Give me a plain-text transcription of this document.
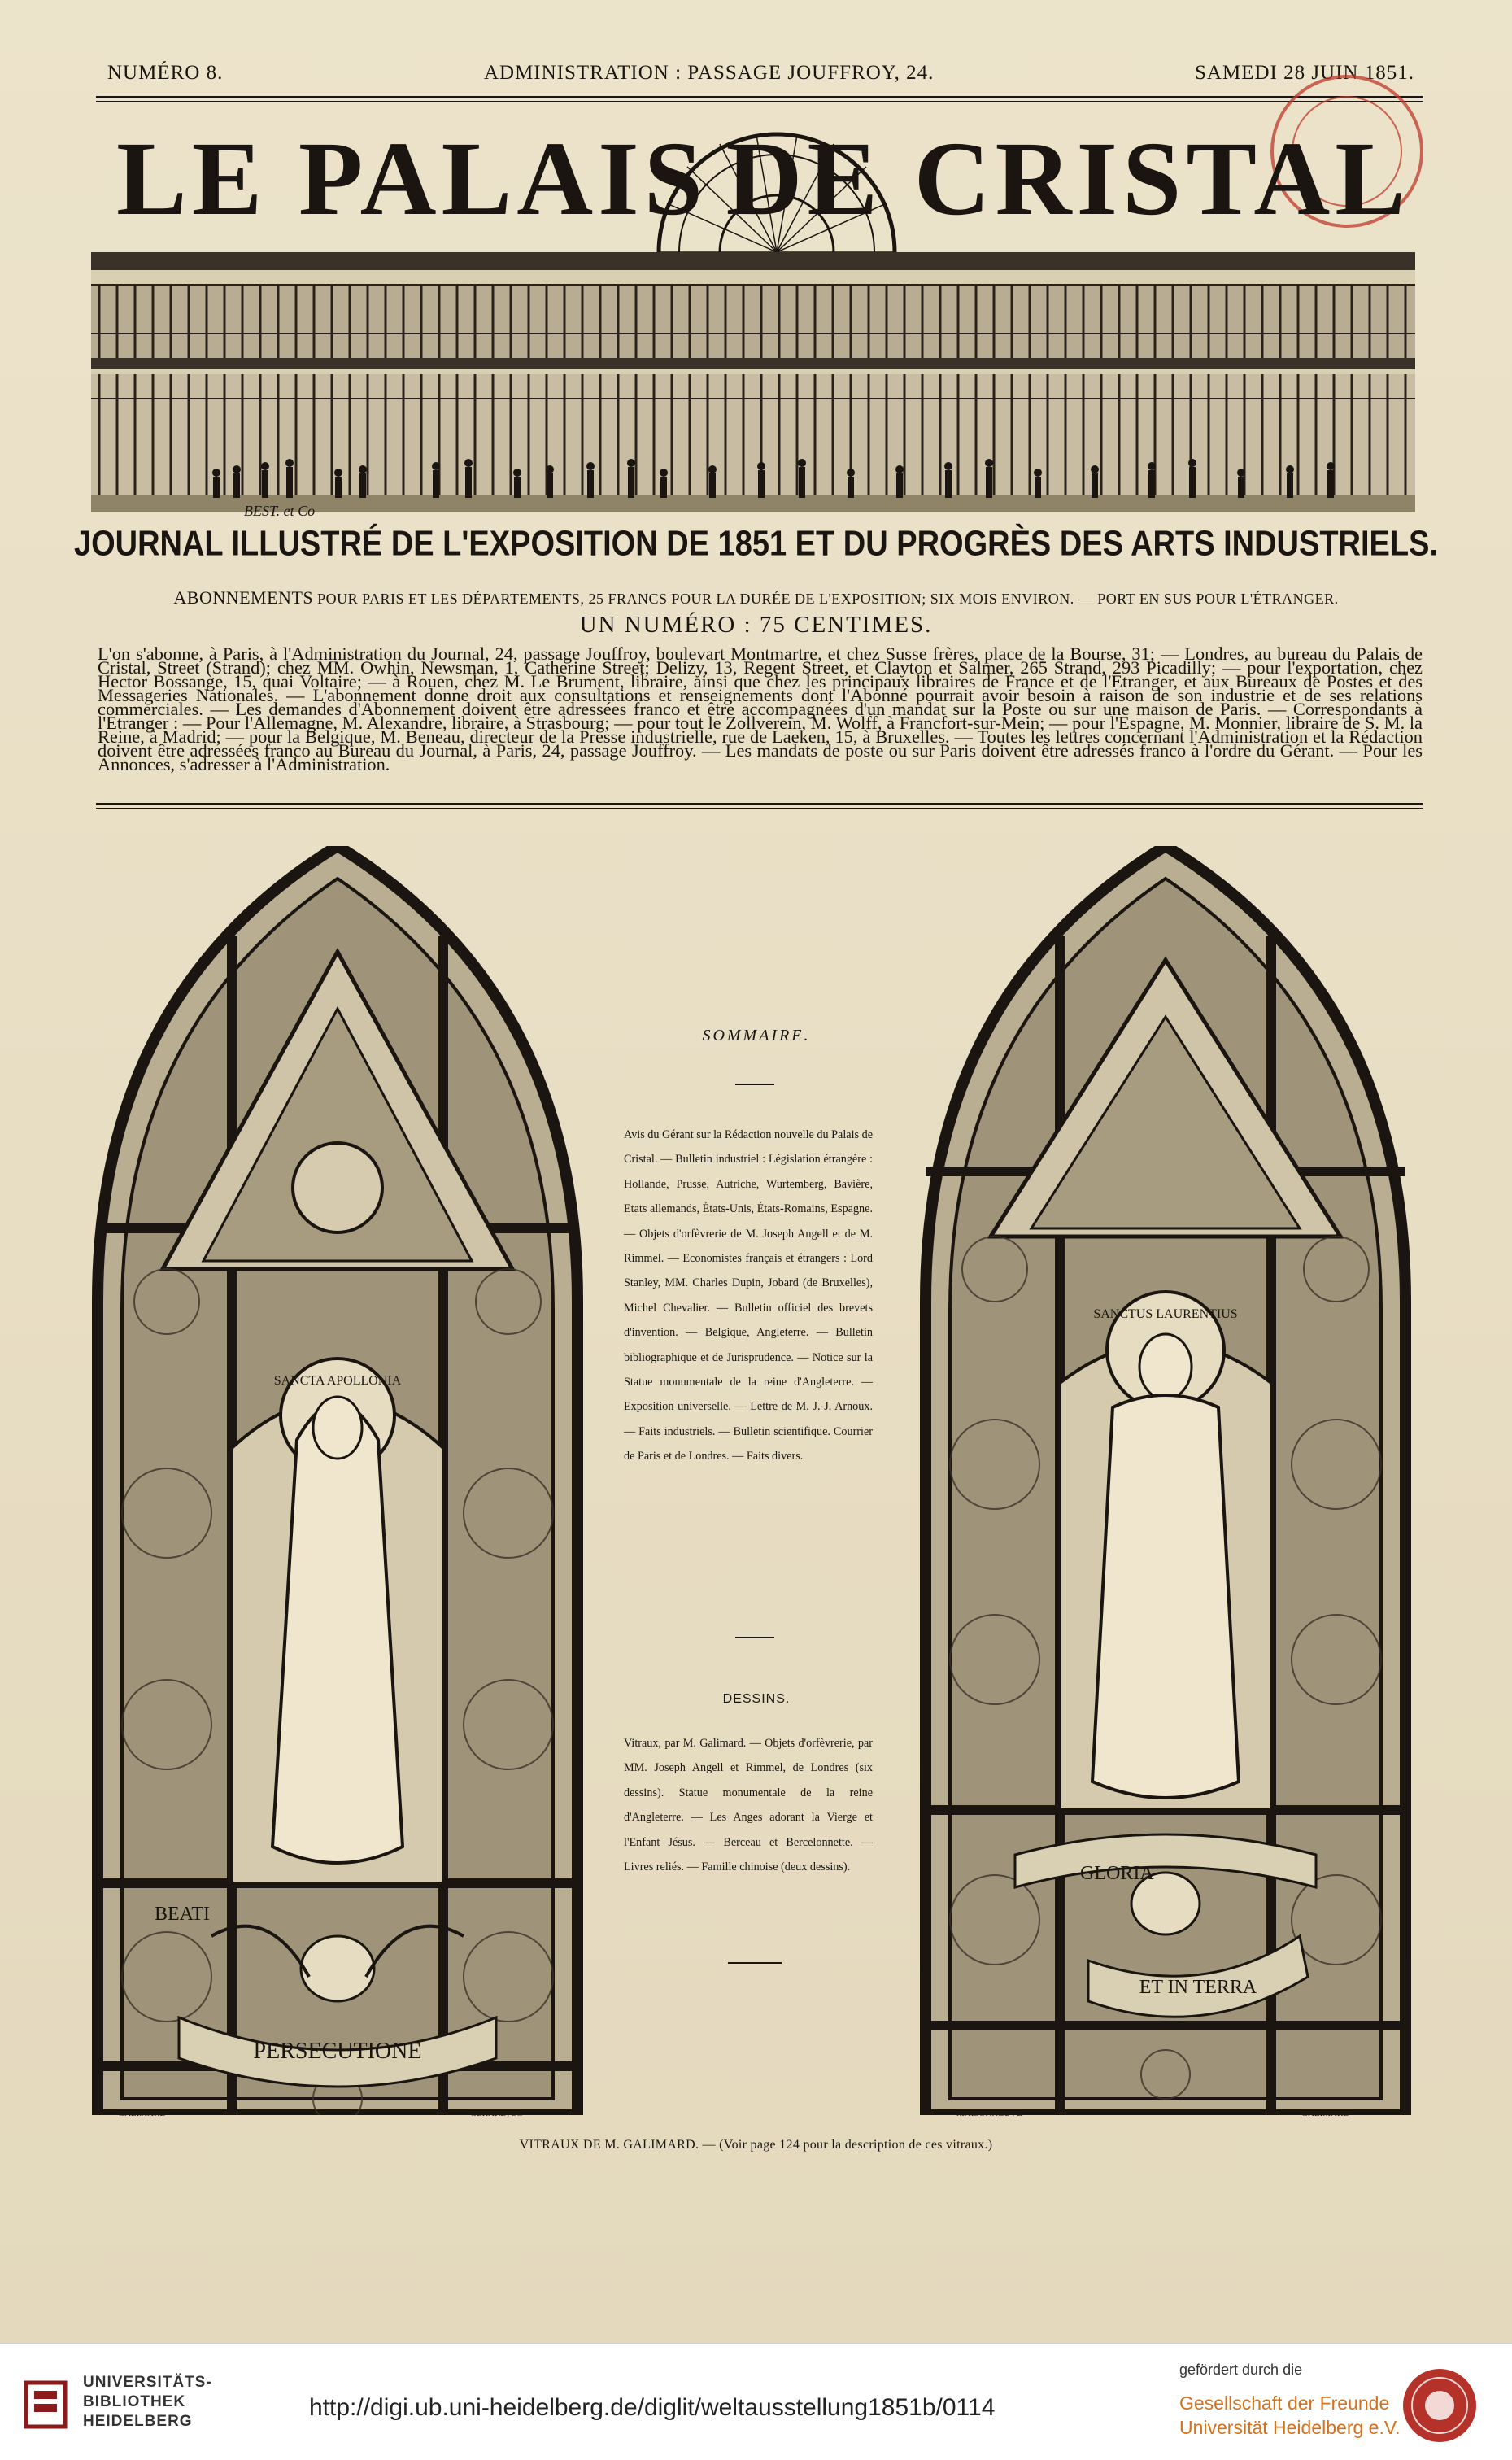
NUMÉRO 8.	ADMINISTRATION : PASSAGE JOUFFROY, 24.	SAMEDI 28 JUIN 1851.
LE PALAIS DE CRISTAL
BEST. et Co
JOURNAL ILLUSTRÉ DE L'EXPOSITION DE 1851 ET DU PROGRÈS DES ARTS INDUSTRIELS.
ABONNEMENTS POUR PARIS ET LES DÉPARTEMENTS, 25 FRANCS POUR LA DURÉE DE L'EXPOSITION; SIX MOIS ENVIRON. — PORT EN SUS POUR L'ÉTRANGER.
UN NUMÉRO : 75 CENTIMES.

L'on s'abonne, à Paris, à l'Administration du Journal, 24, passage Jouffroy, boulevart Montmartre, et chez Susse frères, place de la Bourse, 31; — Londres, au bureau du Palais de Cristal, Street (Strand); chez MM. Owhin, Newsman, 1, Catherine Street; Delizy, 13, Regent Street, et Clayton et Salmer, 265 Strand, 293 Picadilly; — pour l'exportation, chez Hector Bossange, 15, quai Voltaire; — à Rouen, chez M. Le Brument, libraire, ainsi que chez les principaux libraires de France et de l'Etranger, et aux Bureaux de Postes et des Messageries Nationales. — L'abonnement donne droit aux consultations et renseignements dont l'Abonné pourrait avoir besoin à raison de son industrie et de ses relations commerciales. — Les demandes d'Abonnement doivent être adressées franco et être accompagnées d'un mandat sur la Poste ou sur une maison de Paris. — Correspondants à l'Etranger : — Pour l'Allemagne, M. Alexandre, libraire, à Strasbourg; — pour tout le Zollverein, M. Wolff, à Francfort-sur-Mein; — pour l'Espagne, M. Monnier, libraire de S. M. la Reine, à Madrid; — pour la Belgique, M. Beneau, directeur de la Presse industrielle, rue de Laeken, 15, à Bruxelles. — Toutes les lettres concernant l'Administration et la Rédaction doivent être adressées franco au Bureau du Journal, à Paris, 24, passage Jouffroy. — Les mandats de poste ou sur Paris doivent être adressés franco à l'ordre du Gérant. — Pour les Annonces, s'adresser à l'Administration.

SANCTA APOLLONIA
PERSECUTIONE
BEATI
GALIMARD	GERARD, SC
SANCTUS LAURENTIUS
GLORIA
ET IN TERRA
MAISONNEUVE	GALIMARD
SOMMAIRE.
Avis du Gérant sur la Rédaction nouvelle du Palais de Cristal. — Bulletin industriel : Législation étrangère : Hollande, Prusse, Autriche, Wurtemberg, Bavière, Etats allemands, États-Unis, États-Romains, Espagne. — Objets d'orfèvrerie de M. Joseph Angell et de M. Rimmel. — Economistes français et étrangers : Lord Stanley, MM. Charles Dupin, Jobard (de Bruxelles), Michel Chevalier. — Bulletin officiel des brevets d'invention. — Belgique, Angleterre. — Bulletin bibliographique et de Jurisprudence. — Notice sur la Statue monumentale de la reine d'Angleterre. — Exposition universelle. — Lettre de M. J.-J. Arnoux. — Faits industriels. — Bulletin scientifique. Courrier de Paris et de Londres. — Faits divers.
DESSINS.
Vitraux, par M. Galimard. — Objets d'orfèvrerie, par MM. Joseph Angell et Rimmel, de Londres (six dessins). Statue monumentale de la reine d'Angleterre. — Les Anges adorant la Vierge et l'Enfant Jésus. — Berceau et Bercelonnette. — Livres reliés. — Famille chinoise (deux dessins).
VITRAUX DE M. GALIMARD. — (Voir page 124 pour la description de ces vitraux.)
UNIVERSITÄTS-
BIBLIOTHEK
HEIDELBERG
http://digi.ub.uni-heidelberg.de/diglit/weltausstellung1851b/0114
gefördert durch die
Gesellschaft der Freunde
Universität Heidelberg e.V.
